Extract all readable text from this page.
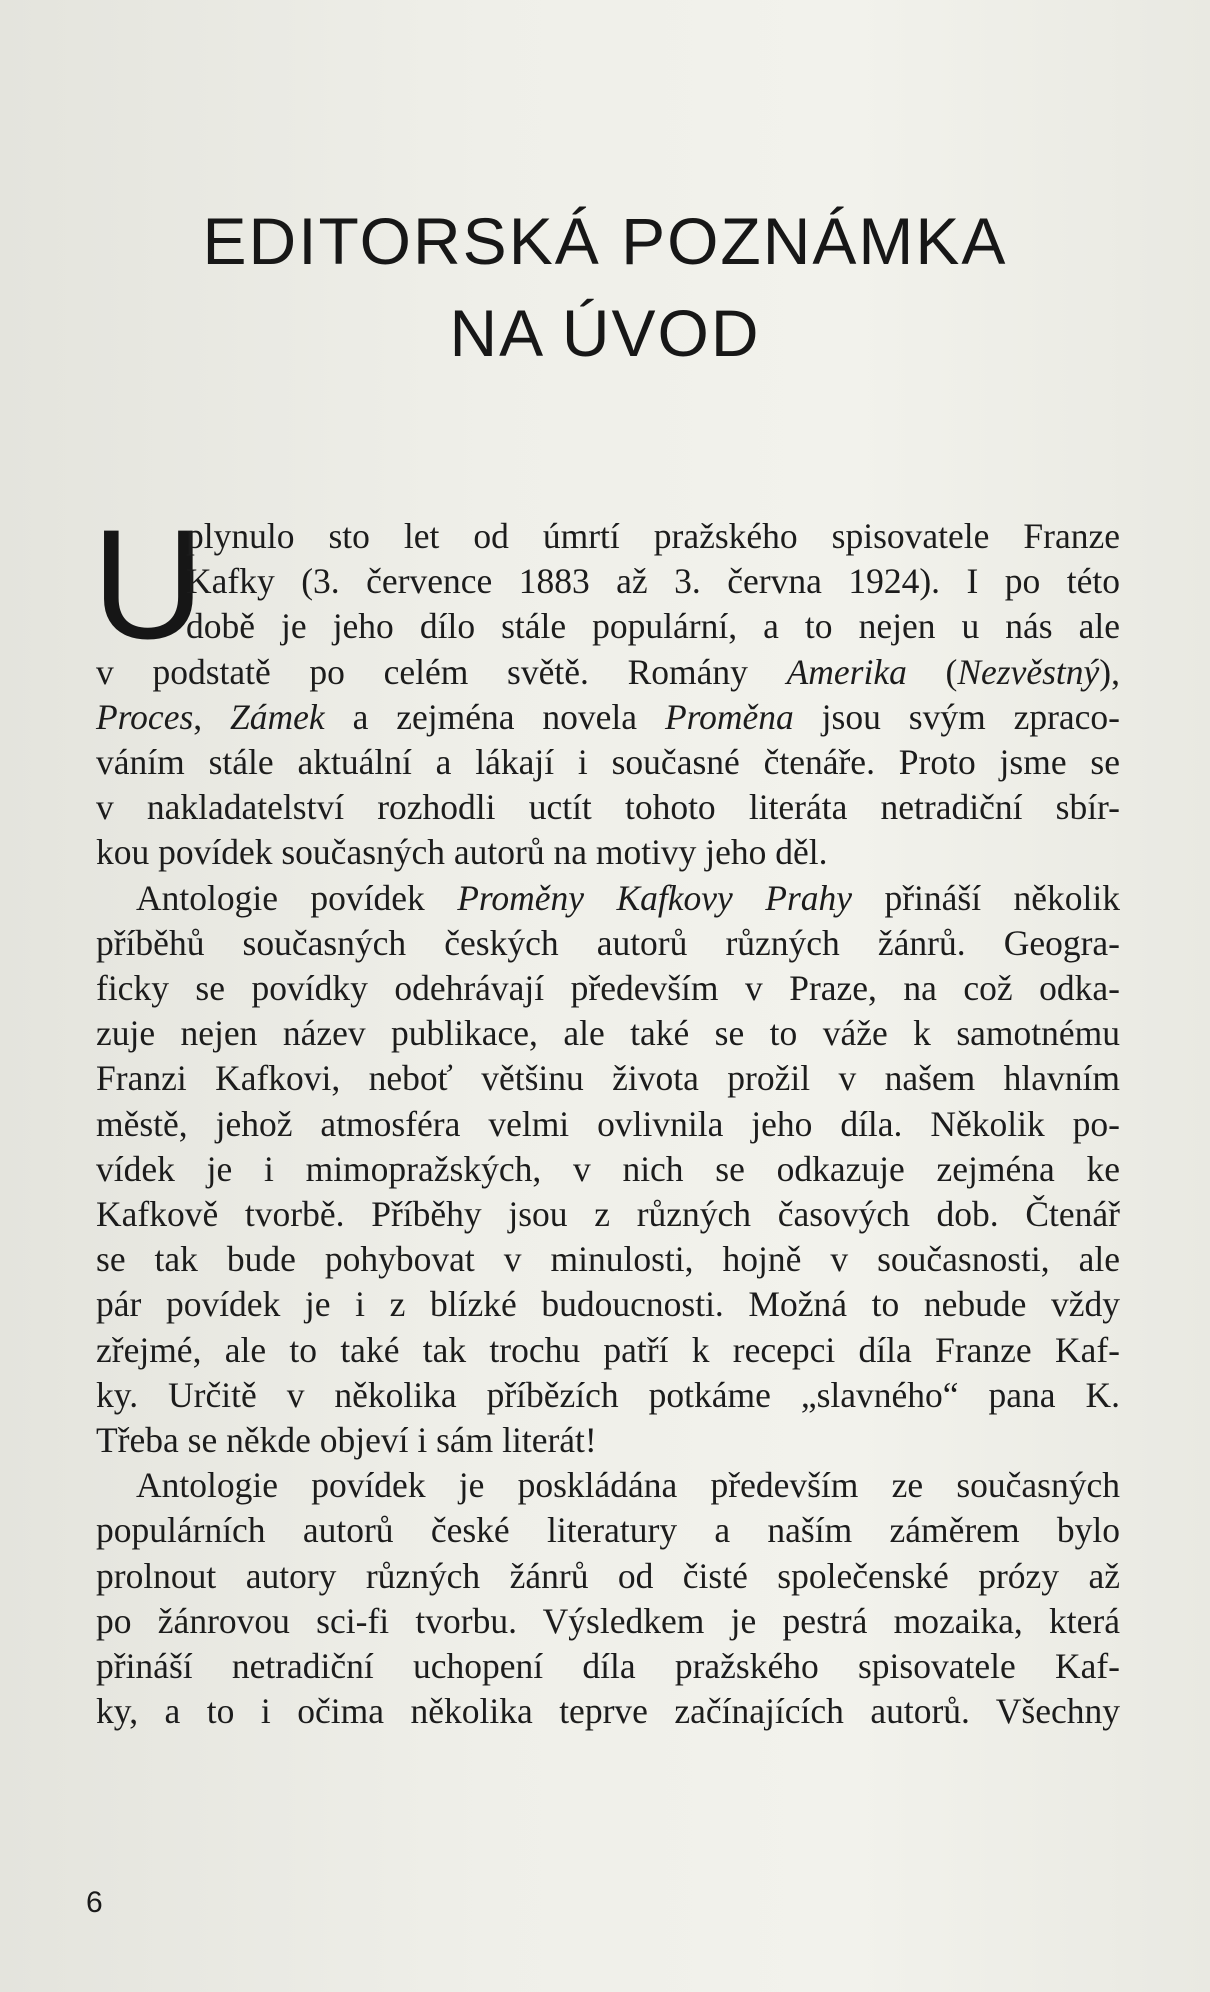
EDITORSKÁ POZNÁMKA
NA ÚVOD
U
plynulo sto let od úmrtí pražského spisovatele Franze
Kafky (3. července 1883 až 3. června 1924). I po této
době je jeho dílo stále populární, a to nejen u nás ale
v podstatě po celém světě. Romány Amerika (Nezvěstný),
Proces, Zámek a zejména novela Proměna jsou svým zpraco-
váním stále aktuální a lákají i současné čtenáře. Proto jsme se
v nakladatelství rozhodli uctít tohoto literáta netradiční sbír-
kou povídek současných autorů na motivy jeho děl.
Antologie povídek Proměny Kafkovy Prahy přináší několik
příběhů současných českých autorů různých žánrů. Geogra-
ficky se povídky odehrávají především v Praze, na což odka-
zuje nejen název publikace, ale také se to váže k samotnému
Franzi Kafkovi, neboť většinu života prožil v našem hlavním
městě, jehož atmosféra velmi ovlivnila jeho díla. Několik po-
vídek je i mimopražských, v nich se odkazuje zejména ke
Kafkově tvorbě. Příběhy jsou z různých časových dob. Čtenář
se tak bude pohybovat v minulosti, hojně v současnosti, ale
pár povídek je i z blízké budoucnosti. Možná to nebude vždy
zřejmé, ale to také tak trochu patří k recepci díla Franze Kaf-
ky. Určitě v několika příbězích potkáme „slavného“ pana K.
Třeba se někde objeví i sám literát!
Antologie povídek je poskládána především ze současných
populárních autorů české literatury a naším záměrem bylo
prolnout autory různých žánrů od čisté společenské prózy až
po žánrovou sci-fi tvorbu. Výsledkem je pestrá mozaika, která
přináší netradiční uchopení díla pražského spisovatele Kaf-
ky, a to i očima několika teprve začínajících autorů. Všechny
6
